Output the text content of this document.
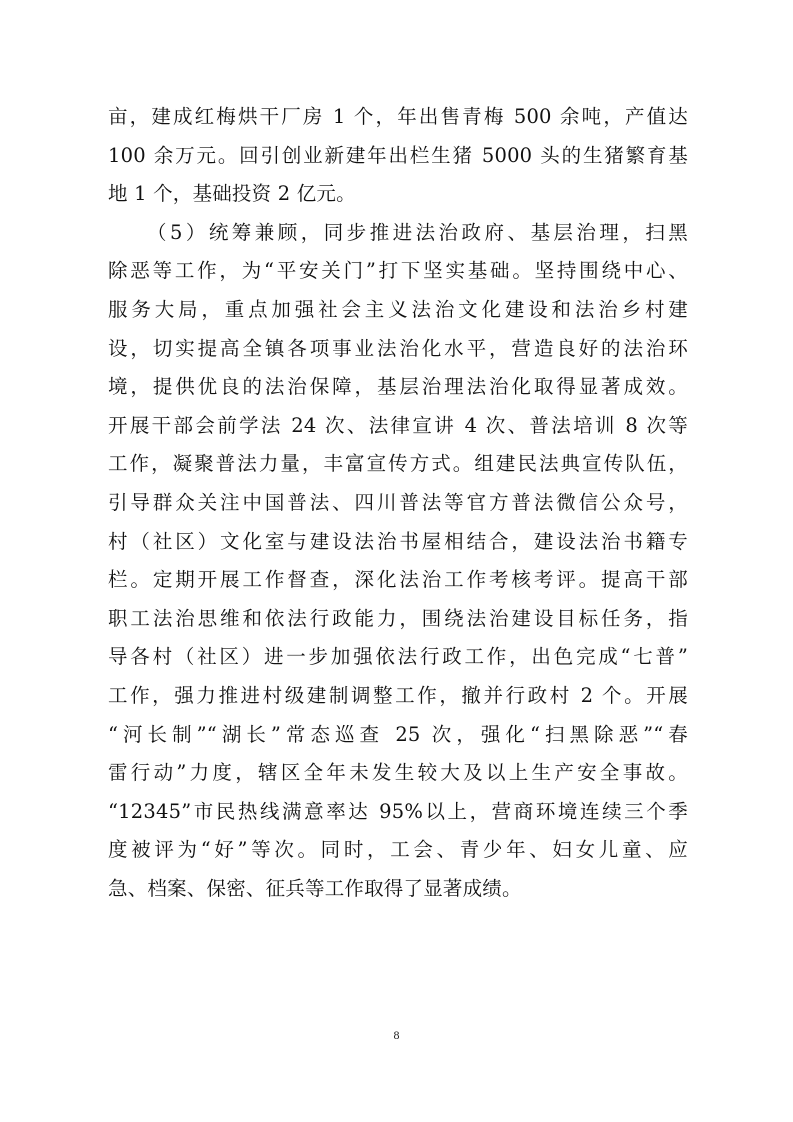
亩，建成红梅烘干厂房 1 个，年出售青梅 500 余吨，产值达
100 余万元。回引创业新建年出栏生猪 5000 头的生猪繁育基
地 1 个，基础投资 2 亿元。
（5）统筹兼顾，同步推进法治政府、基层治理，扫黑
除恶等工作，为“平安关门”打下坚实基础。坚持围绕中心、
服务大局，重点加强社会主义法治文化建设和法治乡村建
设，切实提高全镇各项事业法治化水平，营造良好的法治环
境，提供优良的法治保障，基层治理法治化取得显著成效。
开展干部会前学法 24 次、法律宣讲 4 次、普法培训 8 次等
工作，凝聚普法力量，丰富宣传方式。组建民法典宣传队伍，
引导群众关注中国普法、四川普法等官方普法微信公众号，
村（社区）文化室与建设法治书屋相结合，建设法治书籍专
栏。定期开展工作督查，深化法治工作考核考评。提高干部
职工法治思维和依法行政能力，围绕法治建设目标任务，指
导各村（社区）进一步加强依法行政工作，出色完成“七普”
工作，强力推进村级建制调整工作，撤并行政村 2 个。开展
“河长制”“湖长”常态巡查 25 次，强化“扫黑除恶”“春
雷行动”力度，辖区全年未发生较大及以上生产安全事故。
“12345”市民热线满意率达 95%以上，营商环境连续三个季
度被评为“好”等次。同时，工会、青少年、妇女儿童、应
急、档案、保密、征兵等工作取得了显著成绩。
8
